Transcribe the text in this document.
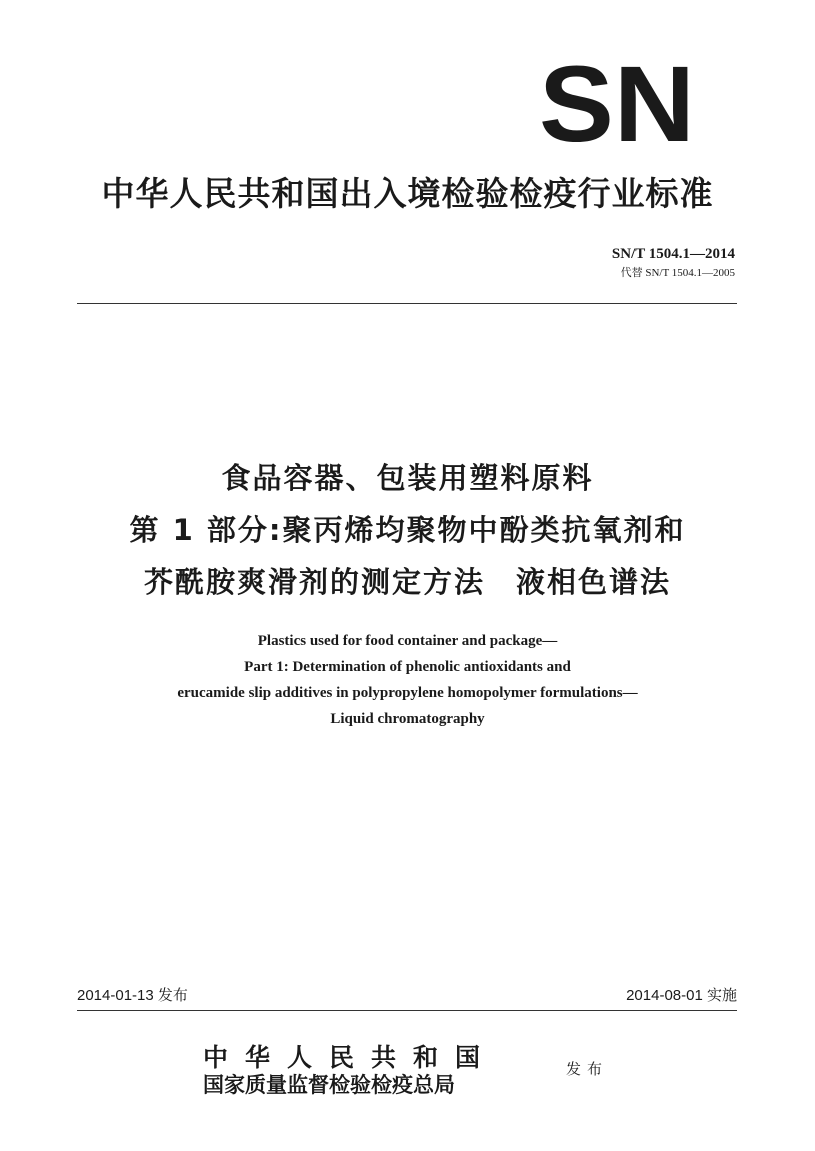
SN
中华人民共和国出入境检验检疫行业标准
SN/T 1504.1—2014
代替 SN/T 1504.1—2005
食品容器、包装用塑料原料
第 1 部分:聚丙烯均聚物中酚类抗氧剂和
芥酰胺爽滑剂的测定方法　液相色谱法
Plastics used for food container and package—
Part 1: Determination of phenolic antioxidants and
erucamide slip additives in polypropylene homopolymer formulations—
Liquid chromatography
2014-01-13 发布	2014-08-01 实施
中华人民共和国
国家质量监督检验检疫总局
发布
